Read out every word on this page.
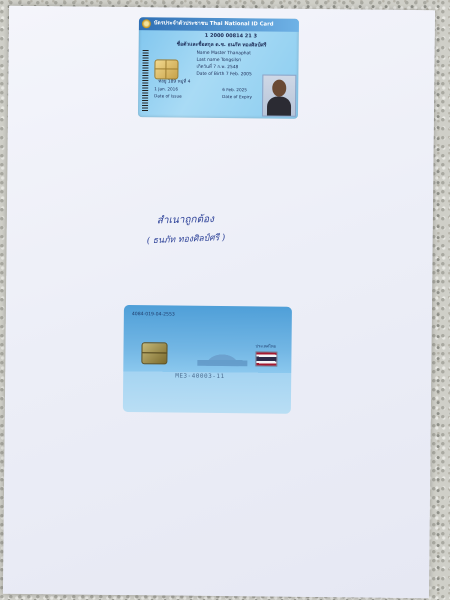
บัตรประจำตัวประชาชน
Thai National ID Card
1 2000 00814 21 3
ชื่อตัวและชื่อสกุล ด.ช. ธนภัท ทองศิลป์ศรี
Name Master Thanaphat
Last name Tongsilsri
เกิดวันที่ 7 ก.พ. 2548
Date of Birth 7 Feb. 2005
ที่อยู่ 189 หมู่ที่ 4
1 Jan. 2016
Date of Issue
6 Feb. 2025
Date of Expiry
สำเนาถูกต้อง
( ธนภัท ทองศิลป์ศรี )
4084-019-04-2553
ประเทศไทย
ME3-40003-11
